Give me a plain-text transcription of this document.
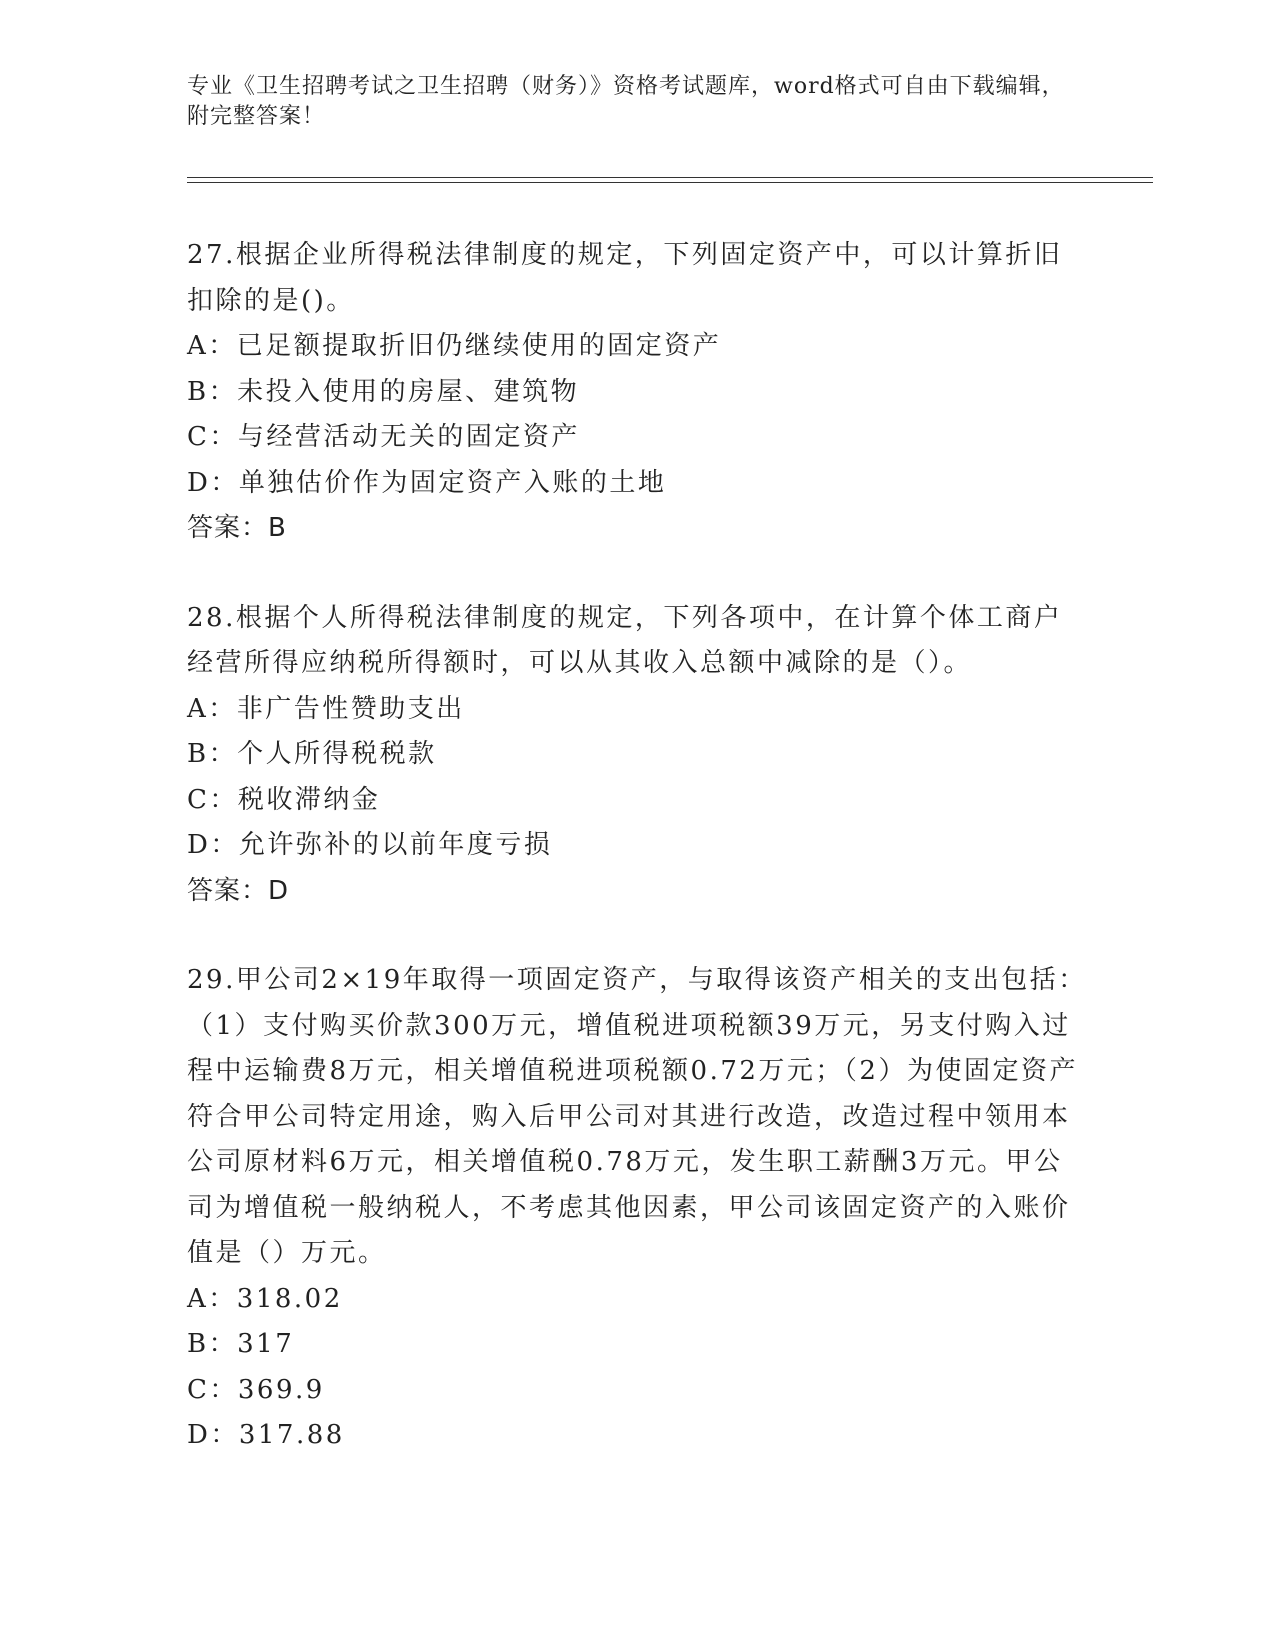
专业《卫生招聘考试之卫生招聘（财务）》资格考试题库，word格式可自由下载编辑，附完整答案！

27.根据企业所得税法律制度的规定，下列固定资产中，可以计算折旧扣除的是()。

A：已足额提取折旧仍继续使用的固定资产

B：未投入使用的房屋、建筑物

C：与经营活动无关的固定资产

D：单独估价作为固定资产入账的土地

答案：B

28.根据个人所得税法律制度的规定，下列各项中，在计算个体工商户经营所得应纳税所得额时，可以从其收入总额中减除的是（）。

A：非广告性赞助支出

B：个人所得税税款

C：税收滞纳金

D：允许弥补的以前年度亏损

答案：D

29.甲公司2×19年取得一项固定资产，与取得该资产相关的支出包括：（1）支付购买价款300万元，增值税进项税额39万元，另支付购入过程中运输费8万元，相关增值税进项税额0.72万元；（2）为使固定资产符合甲公司特定用途，购入后甲公司对其进行改造，改造过程中领用本公司原材料6万元，相关增值税0.78万元，发生职工薪酬3万元。甲公司为增值税一般纳税人，不考虑其他因素，甲公司该固定资产的入账价值是（）万元。

A：318.02

B：317

C：369.9

D：317.88
